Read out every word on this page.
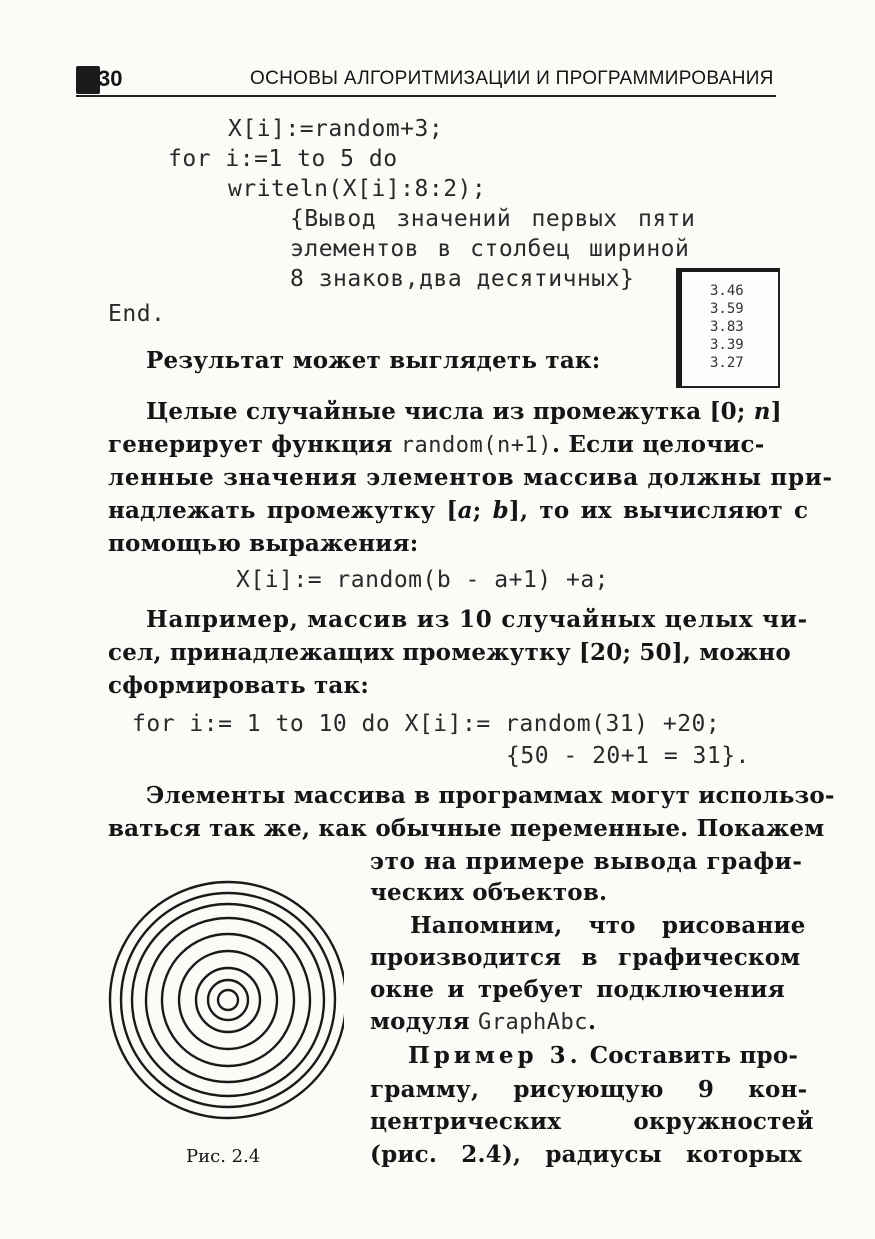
30	ОСНОВЫ АЛГОРИТМИЗАЦИИ И ПРОГРАММИРОВАНИЯ
X[i]:=random+3;
for i:=1 to 5 do
writeln(X[i]:8:2);
{Вывод значений первых пяти
элементов в столбец шириной
8 знаков,два десятичных}
End.
3.46
3.59
3.83
3.39
3.27
Результат может выглядеть так:
Целые случайные числа из промежутка [0; n]
генерирует функция random(n+1). Если целочис-
ленные значения элементов массива должны при-
надлежать промежутку [a; b], то их вычисляют с
помощью выражения:
X[i]:= random(b - a+1) +a;
Например, массив из 10 случайных целых чи-
сел, принадлежащих промежутку [20; 50], можно
сформировать так:
for i:= 1 to 10 do X[i]:= random(31) +20;
{50 - 20+1 = 31}.
Элементы массива в программах могут использо-
ваться так же, как обычные переменные. Покажем
это на примере вывода графи-
ческих объектов.
Напомним, что рисование
производится в графическом
окне и требует подключения
модуля GraphAbc.
Пример 3. Составить про-
грамму, рисующую 9 кон-
центрических окружностей
(рис. 2.4), радиусы которых
Рис. 2.4
